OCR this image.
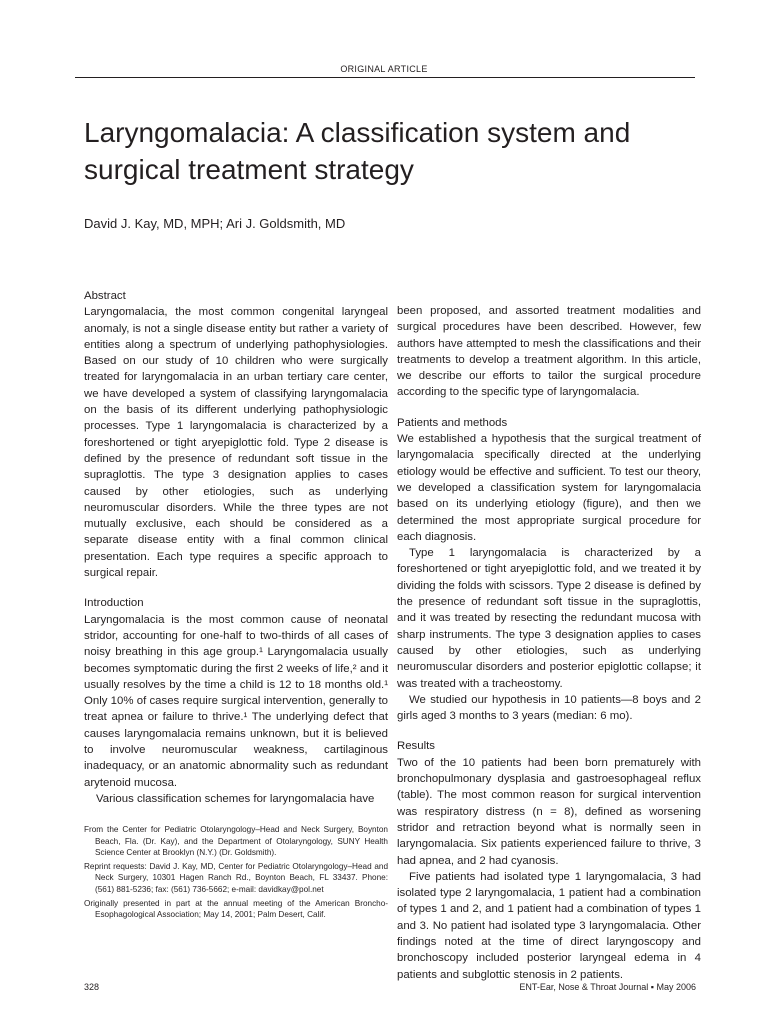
ORIGINAL ARTICLE
Laryngomalacia: A classification system and surgical treatment strategy
David J. Kay, MD, MPH; Ari J. Goldsmith, MD
Abstract

Laryngomalacia, the most common congenital laryngeal anomaly, is not a single disease entity but rather a variety of entities along a spectrum of underlying pathophysiologies. Based on our study of 10 children who were surgically treated for laryngomalacia in an urban tertiary care center, we have developed a system of classifying laryngomalacia on the basis of its different underlying pathophysiologic processes. Type 1 laryngomalacia is characterized by a foreshortened or tight aryepiglottic fold. Type 2 disease is defined by the presence of redundant soft tissue in the supraglottis. The type 3 designation applies to cases caused by other etiologies, such as underlying neuromuscular disorders. While the three types are not mutually exclusive, each should be considered as a separate disease entity with a final common clinical presentation. Each type requires a specific approach to surgical repair.

Introduction

Laryngomalacia is the most common cause of neonatal stridor, accounting for one-half to two-thirds of all cases of noisy breathing in this age group.¹ Laryngomalacia usually becomes symptomatic during the first 2 weeks of life,² and it usually resolves by the time a child is 12 to 18 months old.¹ Only 10% of cases require surgical intervention, generally to treat apnea or failure to thrive.¹ The underlying defect that causes laryngomalacia remains unknown, but it is believed to involve neuromuscular weakness, cartilaginous inadequacy, or an anatomic abnormality such as redundant arytenoid mucosa.

Various classification schemes for laryngomalacia have

From the Center for Pediatric Otolaryngology–Head and Neck Surgery, Boynton Beach, Fla. (Dr. Kay), and the Department of Otolaryngology, SUNY Health Science Center at Brooklyn (N.Y.) (Dr. Goldsmith).

Reprint requests: David J. Kay, MD, Center for Pediatric Otolaryngology–Head and Neck Surgery, 10301 Hagen Ranch Rd., Boynton Beach, FL 33437. Phone: (561) 881-5236; fax: (561) 736-5662; e-mail: davidkay@pol.net

Originally presented in part at the annual meeting of the American Broncho-Esophagological Association; May 14, 2001; Palm Desert, Calif.

been proposed, and assorted treatment modalities and surgical procedures have been described. However, few authors have attempted to mesh the classifications and their treatments to develop a treatment algorithm. In this article, we describe our efforts to tailor the surgical procedure according to the specific type of laryngomalacia.

Patients and methods

We established a hypothesis that the surgical treatment of laryngomalacia specifically directed at the underlying etiology would be effective and sufficient. To test our theory, we developed a classification system for laryngomalacia based on its underlying etiology (figure), and then we determined the most appropriate surgical procedure for each diagnosis.

Type 1 laryngomalacia is characterized by a foreshortened or tight aryepiglottic fold, and we treated it by dividing the folds with scissors. Type 2 disease is defined by the presence of redundant soft tissue in the supraglottis, and it was treated by resecting the redundant mucosa with sharp instruments. The type 3 designation applies to cases caused by other etiologies, such as underlying neuromuscular disorders and posterior epiglottic collapse; it was treated with a tracheostomy.

We studied our hypothesis in 10 patients—8 boys and 2 girls aged 3 months to 3 years (median: 6 mo).

Results

Two of the 10 patients had been born prematurely with bronchopulmonary dysplasia and gastroesophageal reflux (table). The most common reason for surgical intervention was respiratory distress (n = 8), defined as worsening stridor and retraction beyond what is normally seen in laryngomalacia. Six patients experienced failure to thrive, 3 had apnea, and 2 had cyanosis.

Five patients had isolated type 1 laryngomalacia, 3 had isolated type 2 laryngomalacia, 1 patient had a combination of types 1 and 2, and 1 patient had a combination of types 1 and 3. No patient had isolated type 3 laryngomalacia. Other findings noted at the time of direct laryngoscopy and bronchoscopy included posterior laryngeal edema in 4 patients and subglottic stenosis in 2 patients.

328	ENT-Ear, Nose & Throat Journal ▪ May 2006
